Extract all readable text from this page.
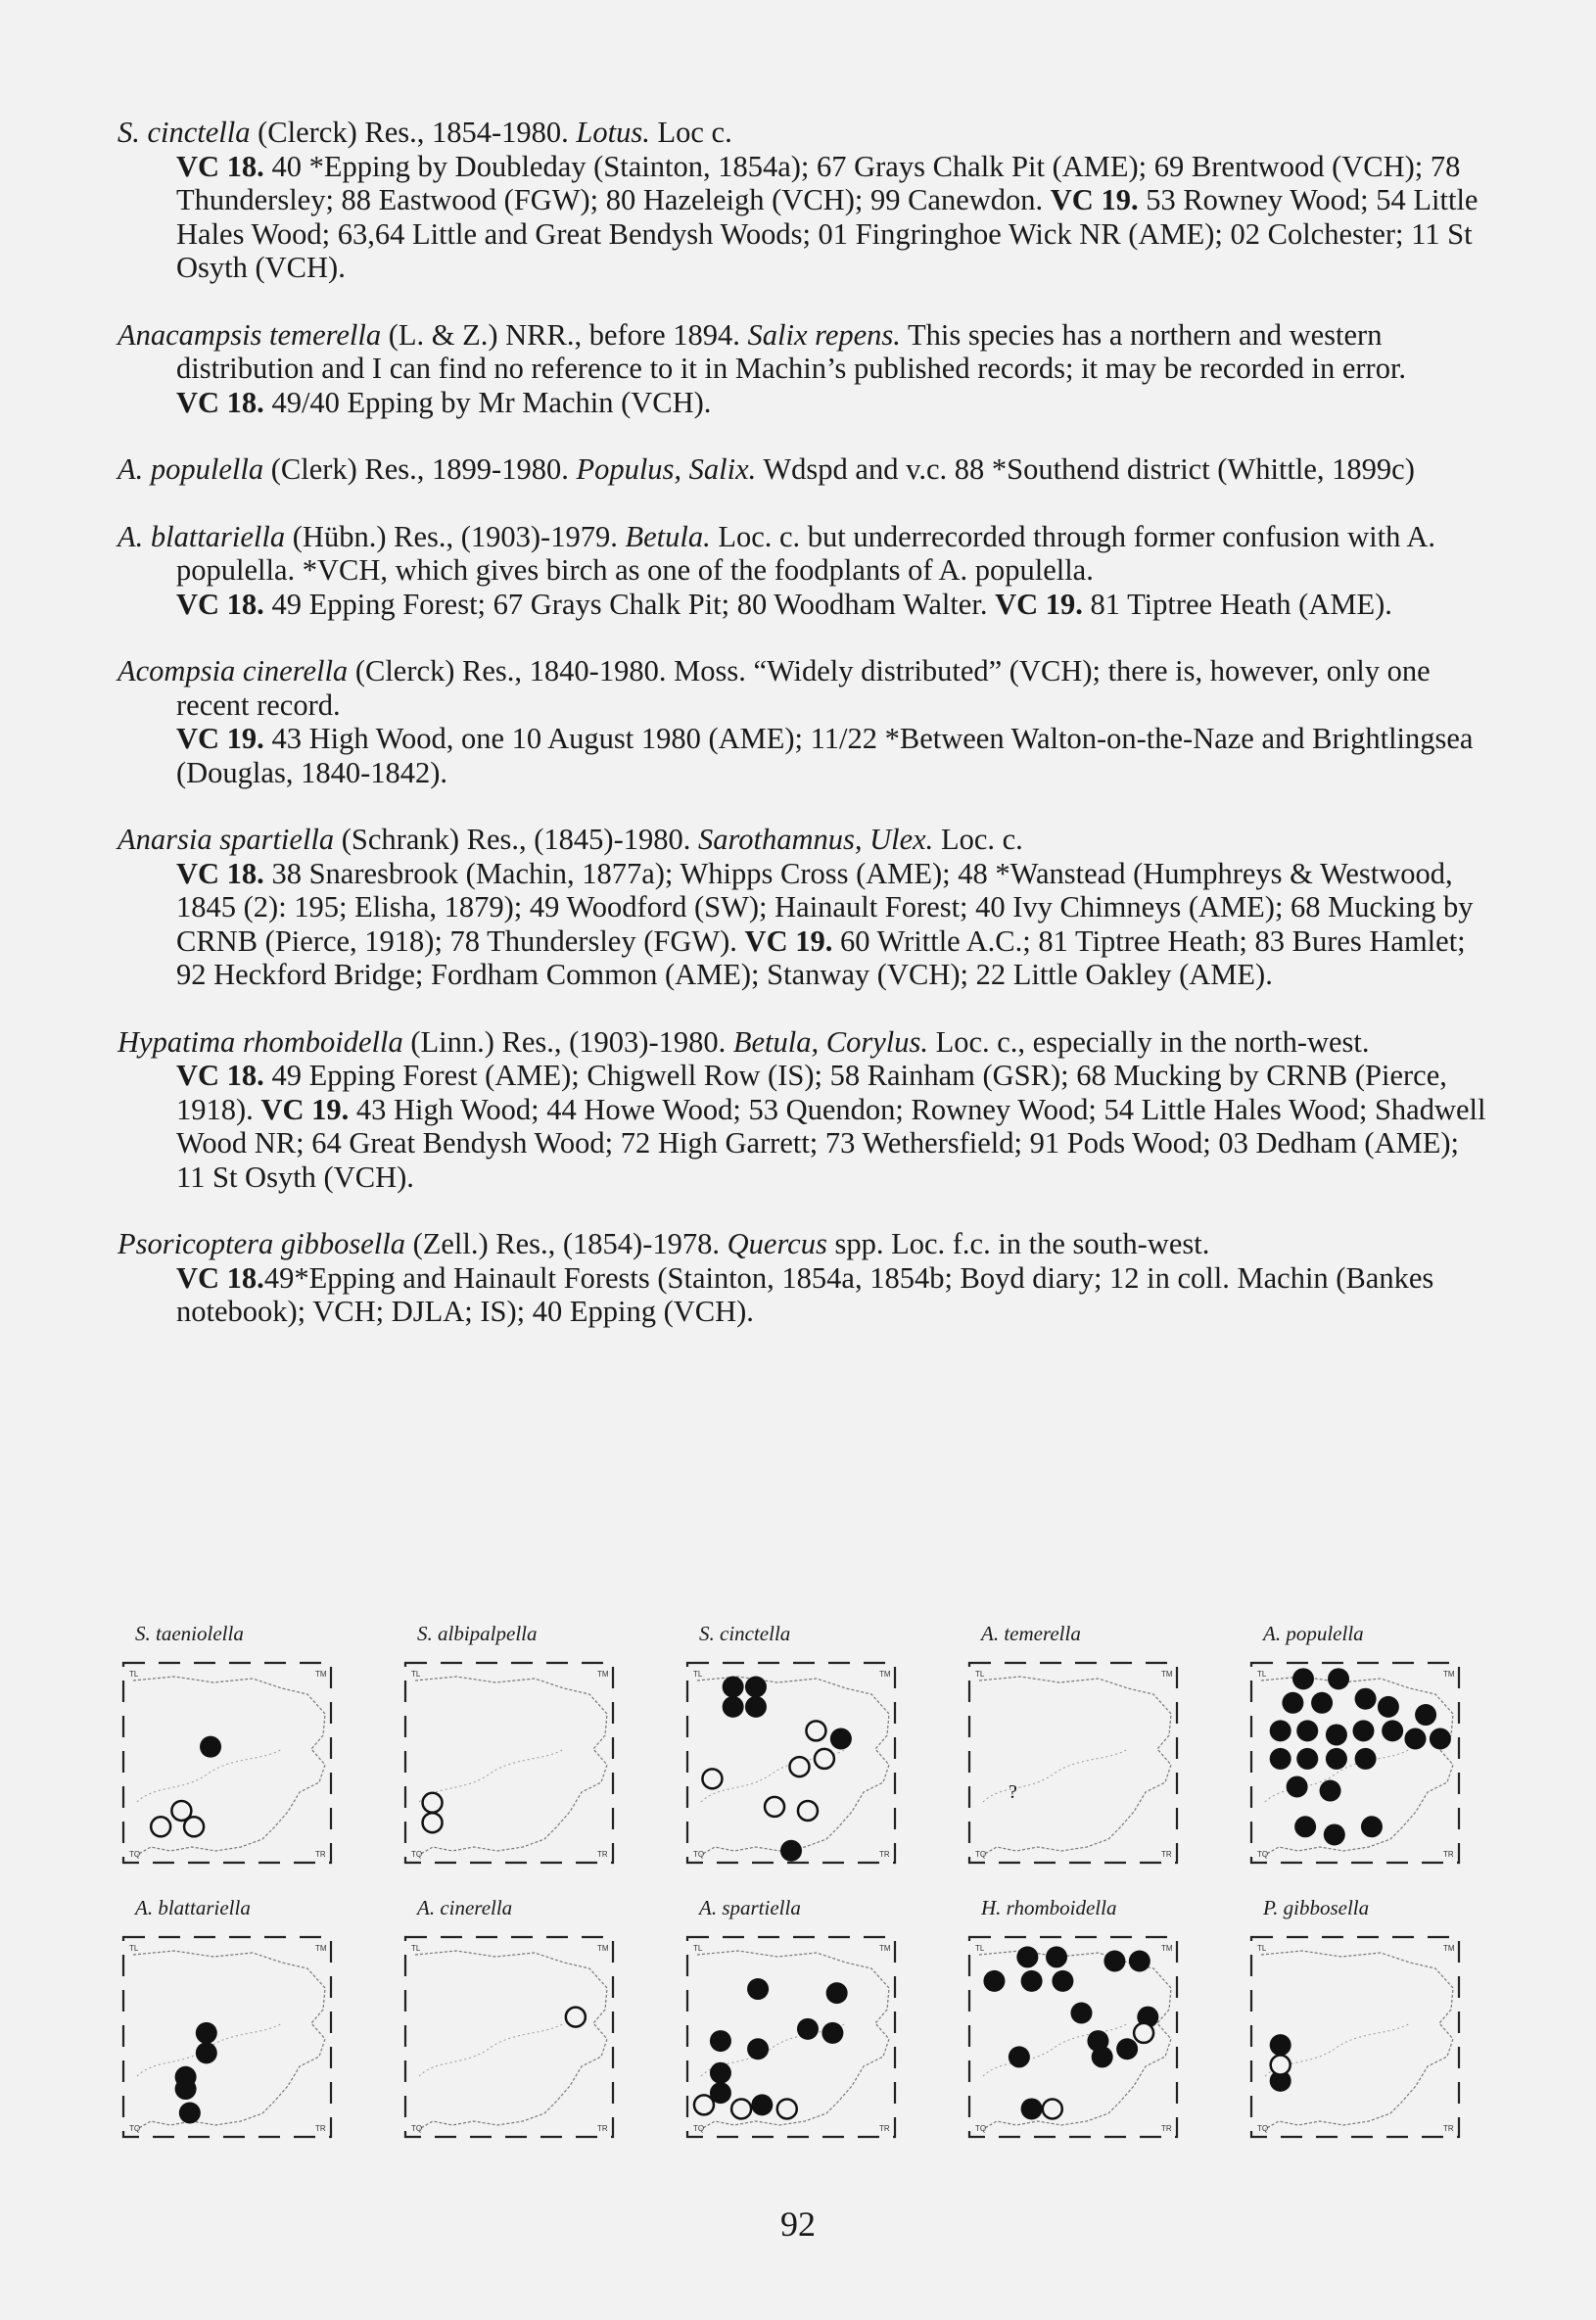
S. cinctella (Clerck) Res., 1854-1980. Lotus. Loc c.

VC 18. 40 *Epping by Doubleday (Stainton, 1854a); 67 Grays Chalk Pit (AME); 69 Brentwood (VCH); 78 Thundersley; 88 Eastwood (FGW); 80 Hazeleigh (VCH); 99 Canewdon. VC 19. 53 Rowney Wood; 54 Little Hales Wood; 63,64 Little and Great Bendysh Woods; 01 Fingringhoe Wick NR (AME); 02 Colchester; 11 St Osyth (VCH).

Anacampsis temerella (L. & Z.) NRR., before 1894. Salix repens. This species has a northern and western distribution and I can find no reference to it in Machin’s published records; it may be recorded in error.

VC 18. 49/40 Epping by Mr Machin (VCH).

A. populella (Clerk) Res., 1899-1980. Populus, Salix. Wdspd and v.c. 88 *Southend district (Whittle, 1899c)

A. blattariella (Hübn.) Res., (1903)-1979. Betula. Loc. c. but underrecorded through former confusion with A. populella. *VCH, which gives birch as one of the foodplants of A. populella.

VC 18. 49 Epping Forest; 67 Grays Chalk Pit; 80 Woodham Walter. VC 19. 81 Tiptree Heath (AME).

Acompsia cinerella (Clerck) Res., 1840-1980. Moss. “Widely distributed” (VCH); there is, however, only one recent record.

VC 19. 43 High Wood, one 10 August 1980 (AME); 11/22 *Between Walton-on-the-Naze and Brightlingsea (Douglas, 1840-1842).

Anarsia spartiella (Schrank) Res., (1845)-1980. Sarothamnus, Ulex. Loc. c.

VC 18. 38 Snaresbrook (Machin, 1877a); Whipps Cross (AME); 48 *Wanstead (Humphreys & Westwood, 1845 (2): 195; Elisha, 1879); 49 Woodford (SW); Hainault Forest; 40 Ivy Chimneys (AME); 68 Mucking by CRNB (Pierce, 1918); 78 Thundersley (FGW). VC 19. 60 Writtle A.C.; 81 Tiptree Heath; 83 Bures Hamlet; 92 Heckford Bridge; Fordham Common (AME); Stanway (VCH); 22 Little Oakley (AME).

Hypatima rhomboidella (Linn.) Res., (1903)-1980. Betula, Corylus. Loc. c., especially in the north-west.

VC 18. 49 Epping Forest (AME); Chigwell Row (IS); 58 Rainham (GSR); 68 Mucking by CRNB (Pierce, 1918). VC 19. 43 High Wood; 44 Howe Wood; 53 Quendon; Rowney Wood; 54 Little Hales Wood; Shadwell Wood NR; 64 Great Bendysh Wood; 72 High Garrett; 73 Wethersfield; 91 Pods Wood; 03 Dedham (AME); 11 St Osyth (VCH).

Psoricoptera gibbosella (Zell.) Res., (1854)-1978. Quercus spp. Loc. f.c. in the south-west.

VC 18.49*Epping and Hainault Forests (Stainton, 1854a, 1854b; Boyd diary; 12 in coll. Machin (Bankes notebook); VCH; DJLA; IS); 40 Epping (VCH).

S. taeniolella
TL	TM
TQ	TR
S. albipalpella
TL	TM
TQ	TR
S. cinctella
TL	TM
TQ	TR
A. temerella
TL	TM
TQ	TR
?
A. populella
TL	TM
TQ	TR
A. blattariella
TL	TM
TQ	TR
A. cinerella
TL	TM
TQ	TR
A. spartiella
TL	TM
TQ	TR
H. rhomboidella
TL	TM
TQ	TR
P. gibbosella
TL	TM
TQ	TR
92
